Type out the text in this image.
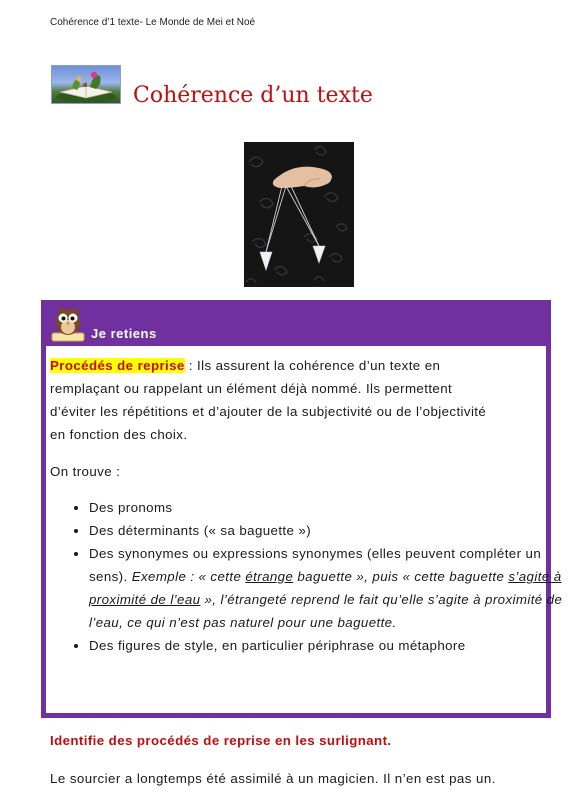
Cohérence d’1 texte- Le Monde de Mei et Noé
Cohérence d’un texte
Je retiens

Procédés de reprise : Ils assurent la cohérence d’un texte en
remplaçant ou rappelant un élément déjà nommé. Ils permettent
d’éviter les répétitions et d’ajouter de la subjectivité ou de l’objectivité
en fonction des choix.

On trouve :

• Des pronoms
• Des déterminants (« sa baguette »)
• Des synonymes ou expressions synonymes (elles peuvent compléter un sens). Exemple : « cette étrange baguette », puis « cette baguette s’agite à proximité de l’eau », l’étrangeté reprend le fait qu’elle s’agite à proximité de l’eau, ce qui n’est pas naturel pour une baguette.
• Des figures de style, en particulier périphrase ou métaphore
Identifie des procédés de reprise en les surlignant.
Le sourcier a longtemps été assimilé à un magicien. Il n’en est pas un.
